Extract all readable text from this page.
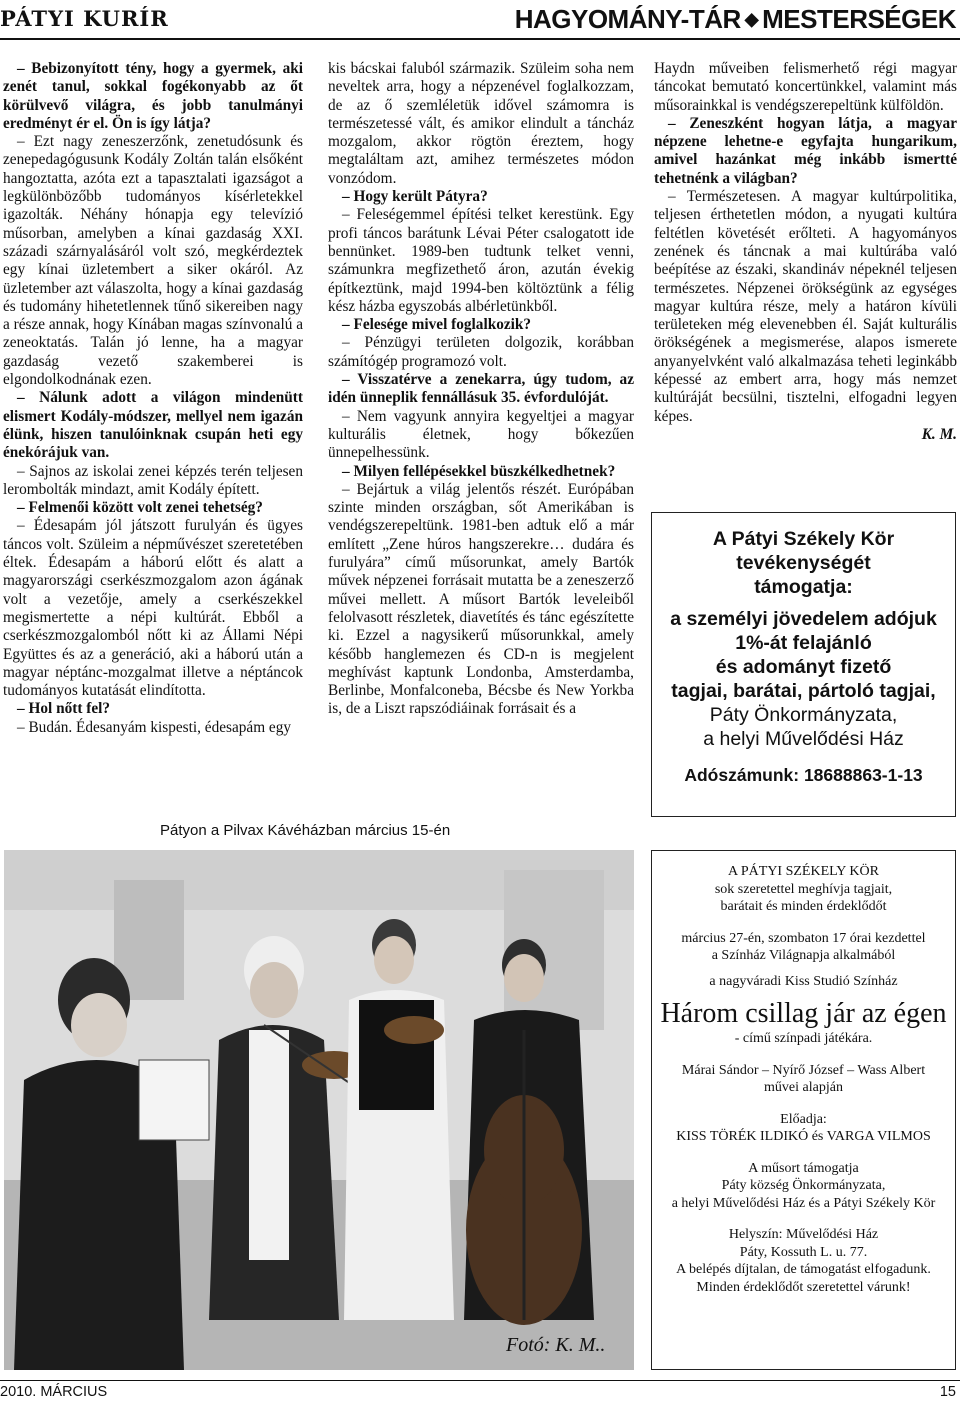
PÁTYI KURÍR	HAGYOMÁNY-TÁR ◆ MESTERSÉGEK

– Bebizonyított tény, hogy a gyermek, aki zenét tanul, sokkal fogékonyabb az őt körülvevő világra, és jobb tanulmányi eredményt ér el. Ön is így látja?

– Ezt nagy zeneszerzőnk, zenetudósunk és zenepedagógusunk Kodály Zoltán talán elsőként hangoztatta, azóta ezt a tapasztalati igazságot a legkülönbözőbb tudományos kísérletekkel igazolták. Néhány hónapja egy televízió műsorban, amelyben a kínai gazdaság XXI. századi szárnyalásáról volt szó, megkérdeztek egy kínai üzletembert a siker okáról. Az üzletember azt válaszolta, hogy a kínai gazdaság és tudomány hihetetlennek tűnő sikereiben nagy a része annak, hogy Kínában magas színvonalú a zeneoktatás. Talán jó lenne, ha a magyar gazdaság vezető szakemberei is elgondolkodnának ezen.

– Nálunk adott a világon mindenütt elismert Kodály-módszer, mellyel nem igazán élünk, hiszen tanulóinknak csupán heti egy énekórájuk van.

– Sajnos az iskolai zenei képzés terén teljesen lerombolták mindazt, amit Kodály épített.

– Felmenői között volt zenei tehetség?

– Édesapám jól játszott furulyán és ügyes táncos volt. Szüleim a népművészet szeretetében éltek. Édesapám a háború előtt és alatt a magyarországi cserkészmozgalom azon ágának volt a vezetője, amely a cserkészekkel megismertette a népi kultúrát. Ebből a cserkészmozgalomból nőtt ki az Állami Népi Együttes és az a generáció, aki a háború után a magyar néptánc-mozgalmat illetve a néptáncok tudományos kutatását elindította.

– Hol nőtt fel?

– Budán. Édesanyám kispesti, édesapám egy

kis bácskai faluból származik. Szüleim soha nem neveltek arra, hogy a népzenével foglalkozzam, de az ő szemléletük idővel számomra is természetessé vált, és amikor elindult a táncház mozgalom, akkor rögtön éreztem, hogy megtaláltam azt, amihez természetes módon vonzódom.

– Hogy került Pátyra?

– Feleségemmel építési telket kerestünk. Egy profi táncos barátunk Lévai Péter csalogatott ide bennünket. 1989-ben tudtunk telket venni, számunkra megfizethető áron, azután évekig építkeztünk, majd 1994-ben költöztünk a félig kész házba egyszobás albérletünkből.

– Felesége mivel foglalkozik?

– Pénzügyi területen dolgozik, korábban számítógép programozó volt.

– Visszatérve a zenekarra, úgy tudom, az idén ünneplik fennállásuk 35. évfordulóját.

– Nem vagyunk annyira kegyeltjei a magyar kulturális életnek, hogy bőkezűen ünnepelhessünk.

– Milyen fellépésekkel büszkélkedhetnek?

– Bejártuk a világ jelentős részét. Európában szinte minden országban, sőt Amerikában is vendégszerepeltünk. 1981-ben adtuk elő a már említett „Zene húros hangszerekre… dudára és furulyára” című műsorunkat, amely Bartók művek népzenei forrásait mutatta be a zeneszerző művei mellett. A műsort Bartók leveleiből felolvasott részletek, diavetítés és tánc egészítette ki. Ezzel a nagysikerű műsorunkkal, amely később hanglemezen és CD-n is megjelent meghívást kaptunk Londonba, Amsterdamba, Berlinbe, Monfalconeba, Bécsbe és New Yorkba is, de a Liszt rapszódiáinak forrásait és a

Haydn műveiben felismerhető régi magyar táncokat bemutató koncertünkkel, valamint más műsorainkkal is vendégszerepeltünk külföldön.

– Zeneszként hogyan látja, a magyar népzene lehetne-e egyfajta hungarikum, amivel hazánkat még inkább ismertté tehetnénk a világban?

– Természetesen. A magyar kultúrpolitika, teljesen érthetetlen módon, a nyugati kultúra feltétlen követését erőlteti. A hagyományos zenének és táncnak a mai kultúrába való beépítése az északi, skandináv népeknél teljesen természetes. Népzenei örökségünk az egységes magyar kultúra része, mely a határon kívüli területeken még elevenebben él. Saját kulturális örökségének a megismerése, alapos ismerete anyanyelvként való alkalmazása teheti leginkább képessé az embert arra, hogy más nemzet kultúráját becsülni, tisztelni, elfogadni legyen képes.

K. M.

Pátyon a Pilvax Kávéházban március 15-én
Fotó: K. M..
A Pátyi Székely Kör
tevékenységét
támogatja:
a személyi jövedelem adójuk
1%-át felajánló
és adományt fizető
tagjai, barátai, pártoló tagjai,
Páty Önkormányzata,
a helyi Művelődési Ház
Adószámunk: 18688863-1-13
A PÁTYI SZÉKELY KÖR
sok szeretettel meghívja tagjait,
barátait és minden érdeklődőt
március 27-én, szombaton 17 órai kezdettel
a Színház Világnapja alkalmából
a nagyváradi Kiss Studió Színház
Három csillag jár az égen
- című színpadi játékára.
Márai Sándor – Nyírő József – Wass Albert
művei alapján
Előadja:
KISS TÖRÉK ILDIKÓ és VARGA VILMOS
A műsort támogatja
Páty község Önkormányzata,
a helyi Művelődési Ház és a Pátyi Székely Kör
Helyszín: Művelődési Ház
Páty, Kossuth L. u. 77.
A belépés díjtalan, de támogatást elfogadunk.
Minden érdeklődőt szeretettel várunk!
2010. MÁRCIUS	15
